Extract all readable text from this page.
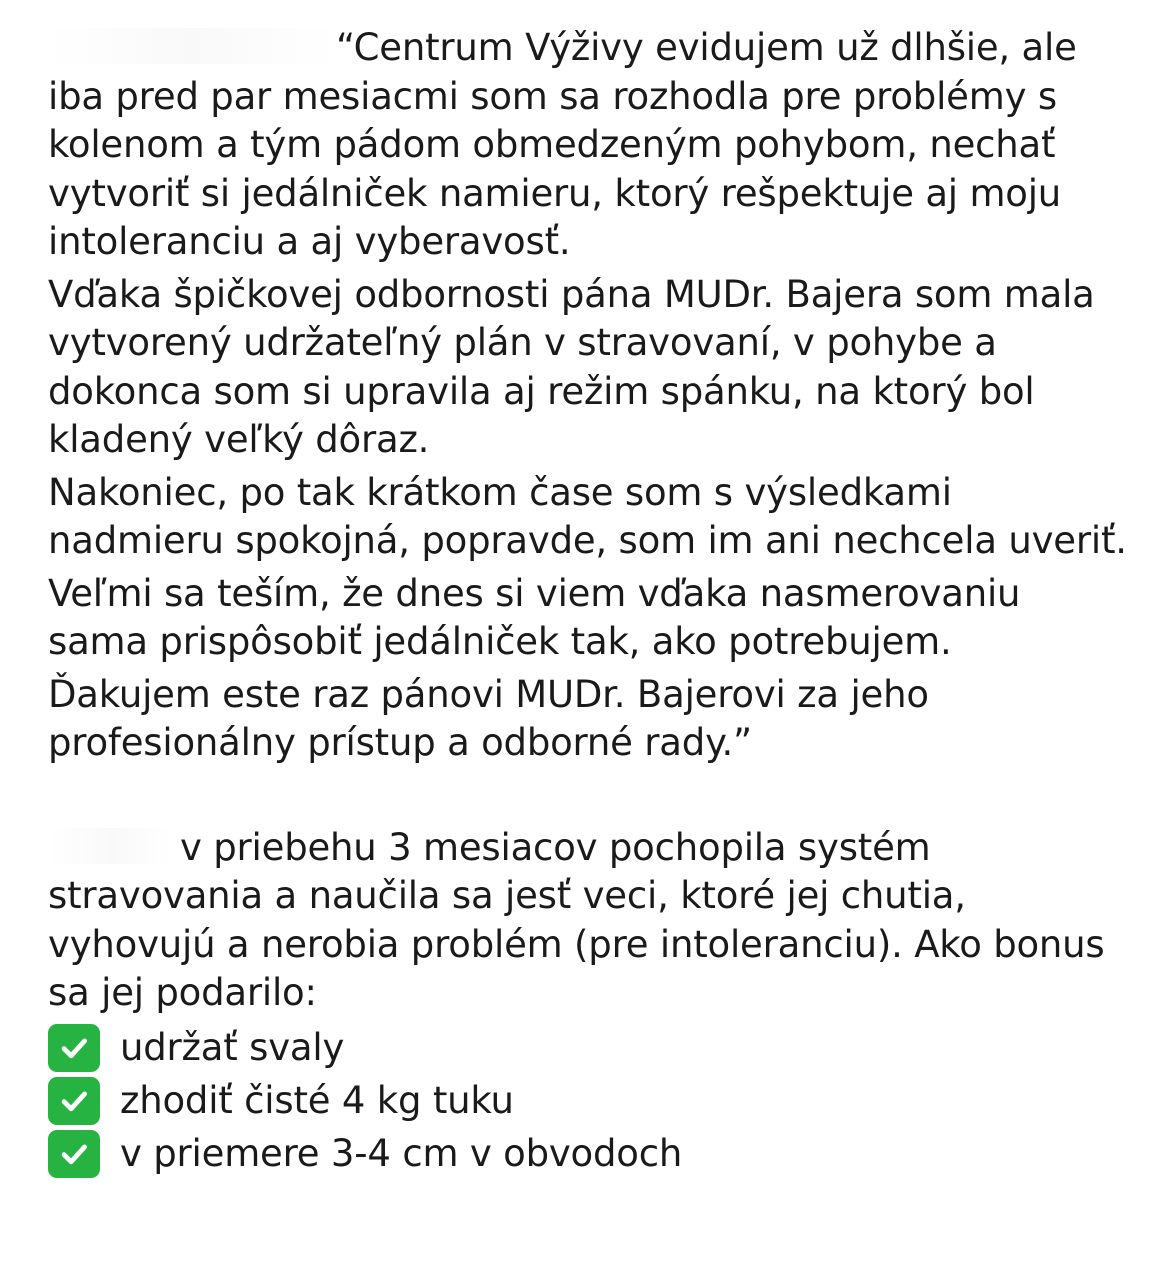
“Centrum Výživy evidujem už dlhšie, ale
iba pred par mesiacmi som sa rozhodla pre problémy s kolenom a tým pádom obmedzeným pohybom, nechať vytvoriť si jedálniček namieru, ktorý rešpektuje aj moju intoleranciu a aj vyberavosť.
Vďaka špičkovej odbornosti pána MUDr. Bajera som mala vytvorený udržateľný plán v stravovaní, v pohybe a dokonca som si upravila aj režim spánku, na ktorý bol kladený veľký dôraz.
Nakoniec, po tak krátkom čase som s výsledkami nadmieru spokojná, popravde, som im ani nechcela uveriť.
Veľmi sa teším, že dnes si viem vďaka nasmerovaniu sama prispôsobiť jedálniček tak, ako potrebujem.
Ďakujem este raz pánovi MUDr. Bajerovi za jeho profesionálny prístup a odborné rady.”
v priebehu 3 mesiacov pochopila systém stravovania a naučila sa jesť veci, ktoré jej chutia, vyhovujú a nerobia problém (pre intoleranciu). Ako bonus sa jej podarilo:
udržať svaly
zhodiť čisté 4 kg tuku
v priemere 3-4 cm v obvodoch
